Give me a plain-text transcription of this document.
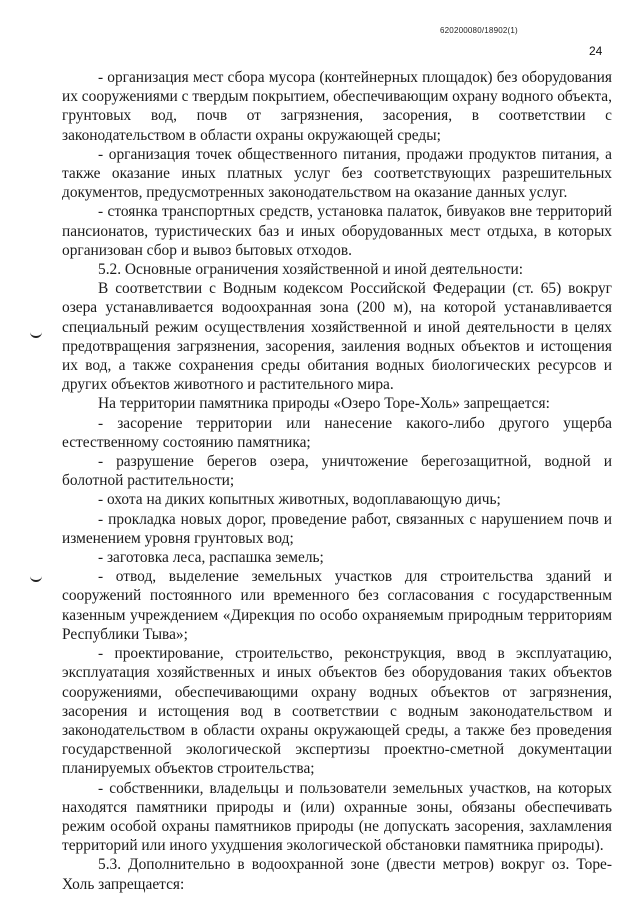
620200080/18902(1)
24

- организация мест сбора мусора (контейнерных площадок) без оборудования их сооружениями с твердым покрытием, обеспечивающим охрану водного объекта, грунтовых вод, почв от загрязнения, засорения, в соответствии с законодательством в области охраны окружающей среды;

- организация точек общественного питания, продажи продуктов питания, а также оказание иных платных услуг без соответствующих разрешительных документов, предусмотренных законодательством на оказание данных услуг.

- стоянка транспортных средств, установка палаток, бивуаков вне территорий пансионатов, туристических баз и иных оборудованных мест отдыха, в которых организован сбор и вывоз бытовых отходов.

5.2. Основные ограничения хозяйственной и иной деятельности:

В соответствии с Водным кодексом Российской Федерации (ст. 65) вокруг озера устанавливается водоохранная зона (200 м), на которой устанавливается специальный режим осуществления хозяйственной и иной деятельности в целях предотвращения загрязнения, засорения, заиления водных объектов и истощения их вод, а также сохранения среды обитания водных биологических ресурсов и других объектов животного и растительного мира.

На территории памятника природы «Озеро Торе-Холь» запрещается:

- засорение территории или нанесение какого-либо другого ущерба естественному состоянию памятника;

- разрушение берегов озера, уничтожение берегозащитной, водной и болотной растительности;

- охота на диких копытных животных, водоплавающую дичь;

- прокладка новых дорог, проведение работ, связанных с нарушением почв и изменением уровня грунтовых вод;

- заготовка леса, распашка земель;

- отвод, выделение земельных участков для строительства зданий и сооружений постоянного или временного без согласования с государственным казенным учреждением «Дирекция по особо охраняемым природным территориям Республики Тыва»;

- проектирование, строительство, реконструкция, ввод в эксплуатацию, эксплуатация хозяйственных и иных объектов без оборудования таких объектов сооружениями, обеспечивающими охрану водных объектов от загрязнения, засорения и истощения вод в соответствии с водным законодательством и законодательством в области охраны окружающей среды, а также без проведения государственной экологической экспертизы проектно-сметной документации планируемых объектов строительства;

- собственники, владельцы и пользователи земельных участков, на которых находятся памятники природы и (или) охранные зоны, обязаны обеспечивать режим особой охраны памятников природы (не допускать засорения, захламления территорий или иного ухудшения экологической обстановки памятника природы).

5.3. Дополнительно в водоохранной зоне (двести метров) вокруг оз. Торе-Холь запрещается:
